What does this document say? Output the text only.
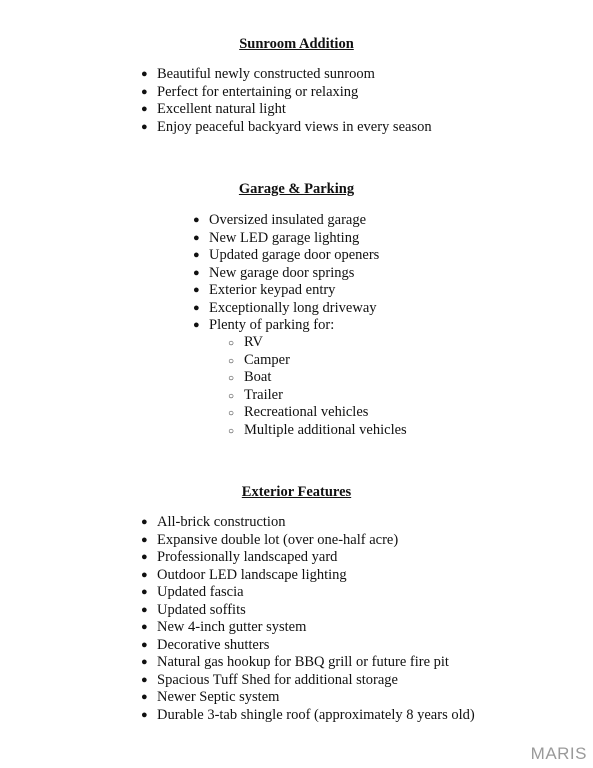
Sunroom Addition
● Beautiful newly constructed sunroom
● Perfect for entertaining or relaxing
● Excellent natural light
● Enjoy peaceful backyard views in every season
Garage & Parking
● Oversized insulated garage
● New LED garage lighting
● Updated garage door openers
● New garage door springs
● Exterior keypad entry
● Exceptionally long driveway
● Plenty of parking for:
○ RV
○ Camper
○ Boat
○ Trailer
○ Recreational vehicles
○ Multiple additional vehicles
Exterior Features
● All-brick construction
● Expansive double lot (over one-half acre)
● Professionally landscaped yard
● Outdoor LED landscape lighting
● Updated fascia
● Updated soffits
● New 4-inch gutter system
● Decorative shutters
● Natural gas hookup for BBQ grill or future fire pit
● Spacious Tuff Shed for additional storage
● Newer Septic system
● Durable 3-tab shingle roof (approximately 8 years old)
MARIS
